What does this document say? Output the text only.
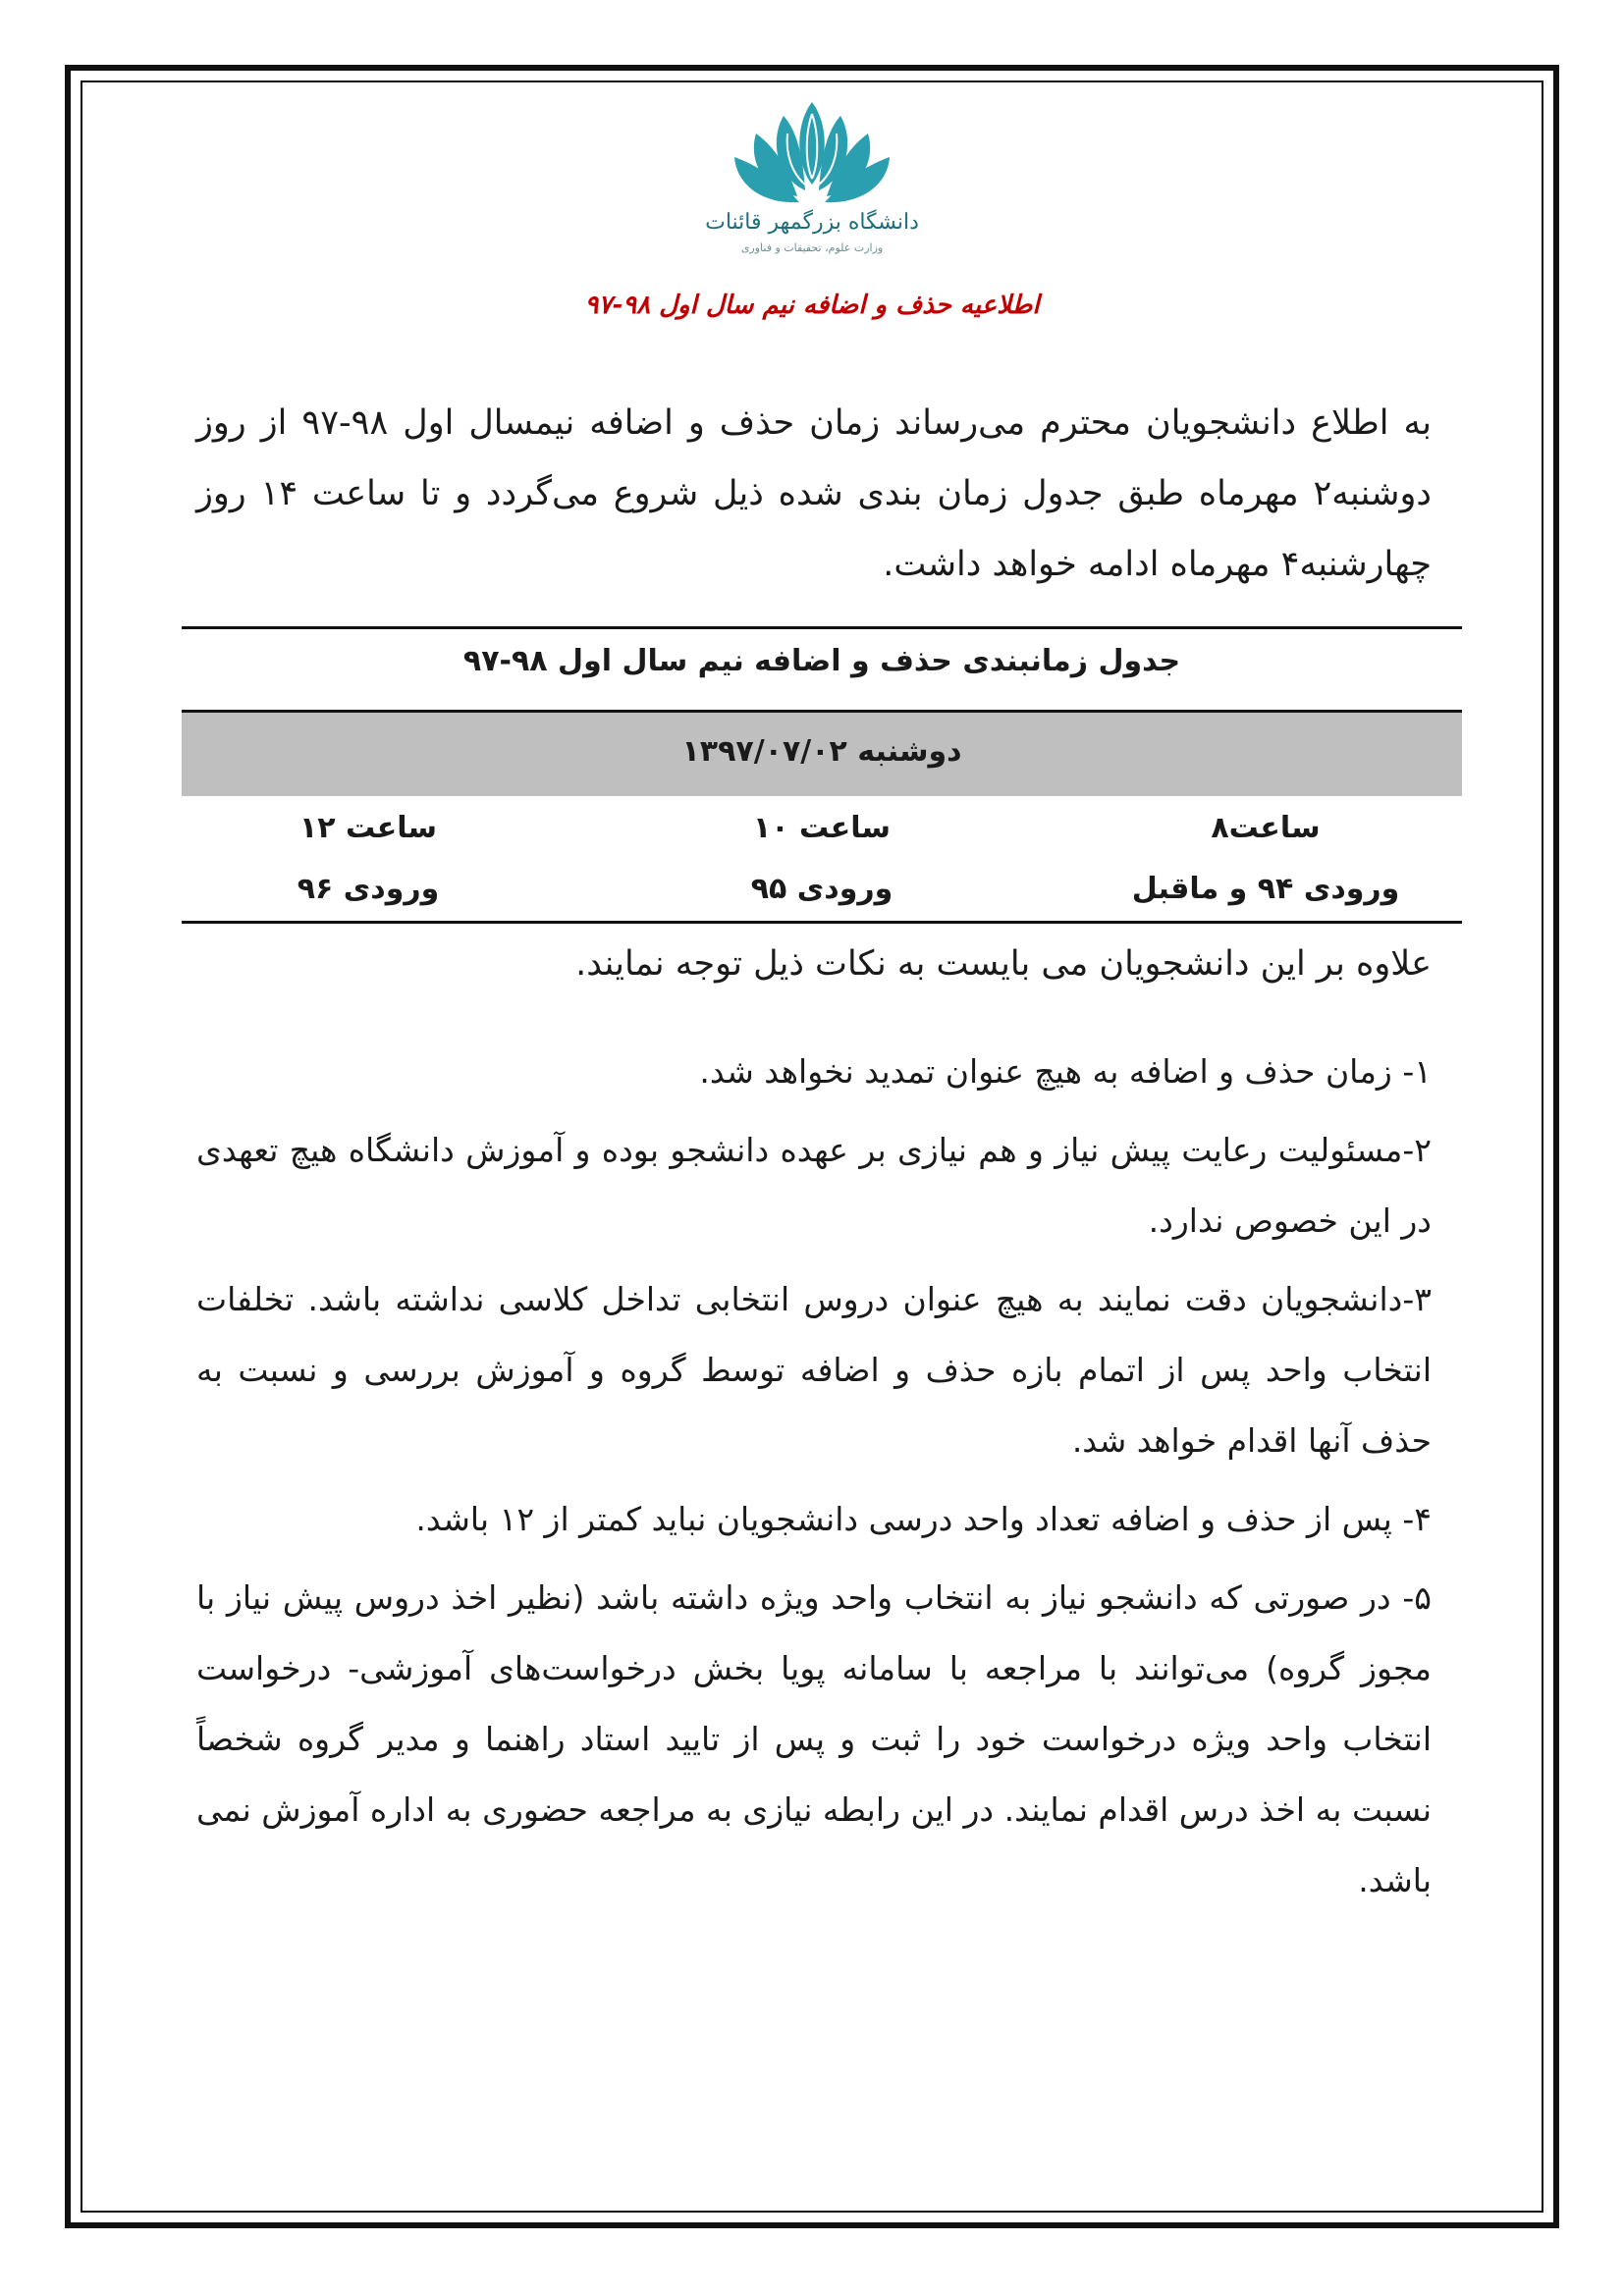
دانشگاه بزرگمهر قائنات
وزارت علوم، تحقیقات و فناوری
اطلاعیه حذف و اضافه نیم سال اول ۹۸-۹۷
به اطلاع دانشجویان محترم می‌رساند زمان حذف و اضافه نیمسال اول ۹۸-۹۷ از روز دوشنبه۲ مهرماه طبق جدول زمان بندی شده ذیل شروع می‌گردد و تا ساعت ۱۴ روز چهارشنبه۴ مهرماه ادامه خواهد داشت.
جدول زمانبندی حذف و اضافه نیم سال اول ۹۸-۹۷
دوشنبه ۱۳۹۷/۰۷/۰۲
ساعت۸
ورودی ۹۴ و ماقبل
ساعت ۱۰
ورودی ۹۵
ساعت ۱۲
ورودی ۹۶
علاوه بر این دانشجویان می بایست به نکات ذیل توجه نمایند.
۱- زمان حذف و اضافه به هیچ عنوان تمدید نخواهد شد.
۲-مسئولیت رعایت پیش نیاز و هم نیازی بر عهده دانشجو بوده و آموزش دانشگاه هیچ تعهدی در این خصوص ندارد.
۳-دانشجویان دقت نمایند به هیچ عنوان دروس انتخابی تداخل کلاسی نداشته باشد. تخلفات انتخاب واحد پس از اتمام بازه حذف و اضافه توسط گروه و آموزش بررسی و نسبت به حذف آنها اقدام خواهد شد.
۴- پس از حذف و اضافه تعداد واحد درسی دانشجویان نباید کمتر از ۱۲ باشد.
۵- در صورتی که دانشجو نیاز به انتخاب واحد ویژه داشته باشد (نظیر اخذ دروس پیش نیاز با مجوز گروه) می‌توانند با مراجعه با سامانه پویا بخش درخواست‌های آموزشی- درخواست انتخاب واحد ویژه درخواست خود را ثبت و پس از تایید استاد راهنما و مدیر گروه شخصاً نسبت به اخذ درس اقدام نمایند. در این رابطه نیازی به مراجعه حضوری به اداره آموزش نمی باشد.
